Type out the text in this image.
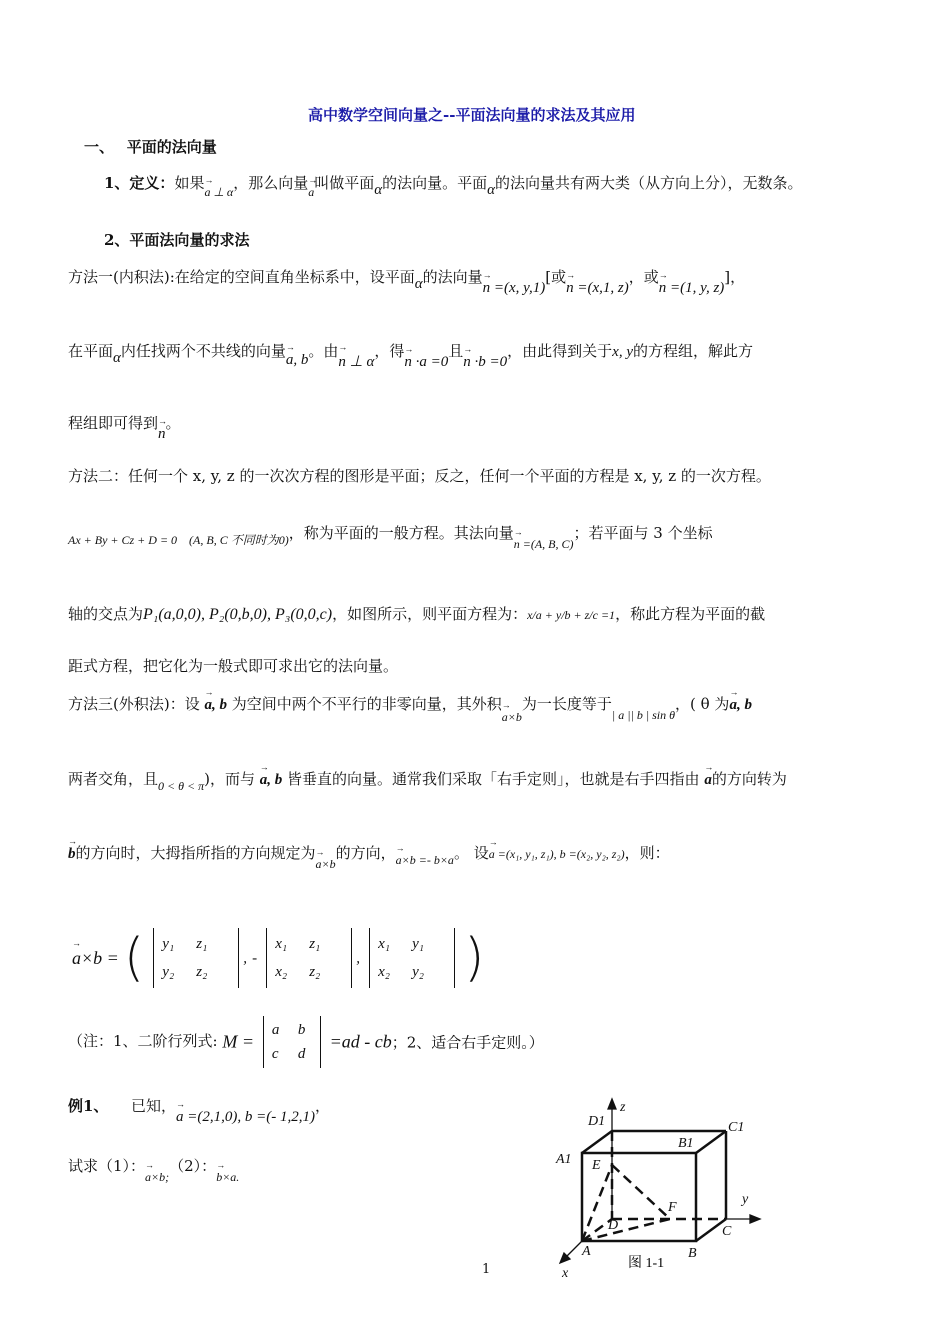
高中数学空间向量之--平面法向量的求法及其应用
一、　 平面的法向量
1、定义：如果→ a ⊥ α，那么向量→ a叫做平面α的法向量。平面α的法向量共有两大类（从方向上分），无数条。
2、平面法向量的求法
方法一(内积法):在给定的空间直角坐标系中，设平面α的法向量→ n =(x, y,1)[或→ n =(x,1, z)，或→ n =(1, y, z)]，
在平面α内任找两个不共线的向量→ a, b。由→ n ⊥ α，得→ n ·a =0且→ n ·b =0，由此得到关于x, y的方程组，解此方
程组即可得到→ n。
方法二：任何一个 x, y, z 的一次次方程的图形是平面；反之，任何一个平面的方程是 x, y, z 的一次方程。
$_{Ax + By + Cz + D = 0 (A, B, C 不同时为0)}$，称为平面的一般方程。其法向量→ n =(A, B, C)；若平面与 3 个坐标
轴的交点为P₁(a,0,0), P₂(0,b,0), P₃(0,0,c)，如图所示，则平面方程为：x/a + y/b + z/c =1，称此方程为平面的截
距式方程，把它化为一般式即可求出它的法向量。
方法三(外积法)：设 → a, b 为空间中两个不平行的非零向量，其外积→ a×b为一长度等于$_{| a || b | sin \theta}$，( θ 为→ a, b
两者交角，且$_{0 < \theta < \pi}$)，而与 → a, b 皆垂直的向量。通常我们采取「右手定则」，也就是右手四指由 → a的方向转为
→ b的方向时，大拇指所指的方向规定为→ a×b的方向，→ a×b =- b×a。 设→ a =(x₁, y₁, z₁), b =(x₂, y₂, z₂)，则：
→ a×b = ( y₁ z₁
y₂ z₂, - x₁ z₁
x₂ z₂, x₁ y₁
x₂ y₂ )
（注：1、二阶行列式: M = a b
c d =ad - cb；2、适合右手定则。）
例1、　　 已知，→ a =(2,1,0), b =(- 1,2,1)，
试求（1）：→ a×b;（2）：→ b×a.
D1
z
C1
B1
A1 E
y
F
D	C
A	B
x
图 1-1
1
